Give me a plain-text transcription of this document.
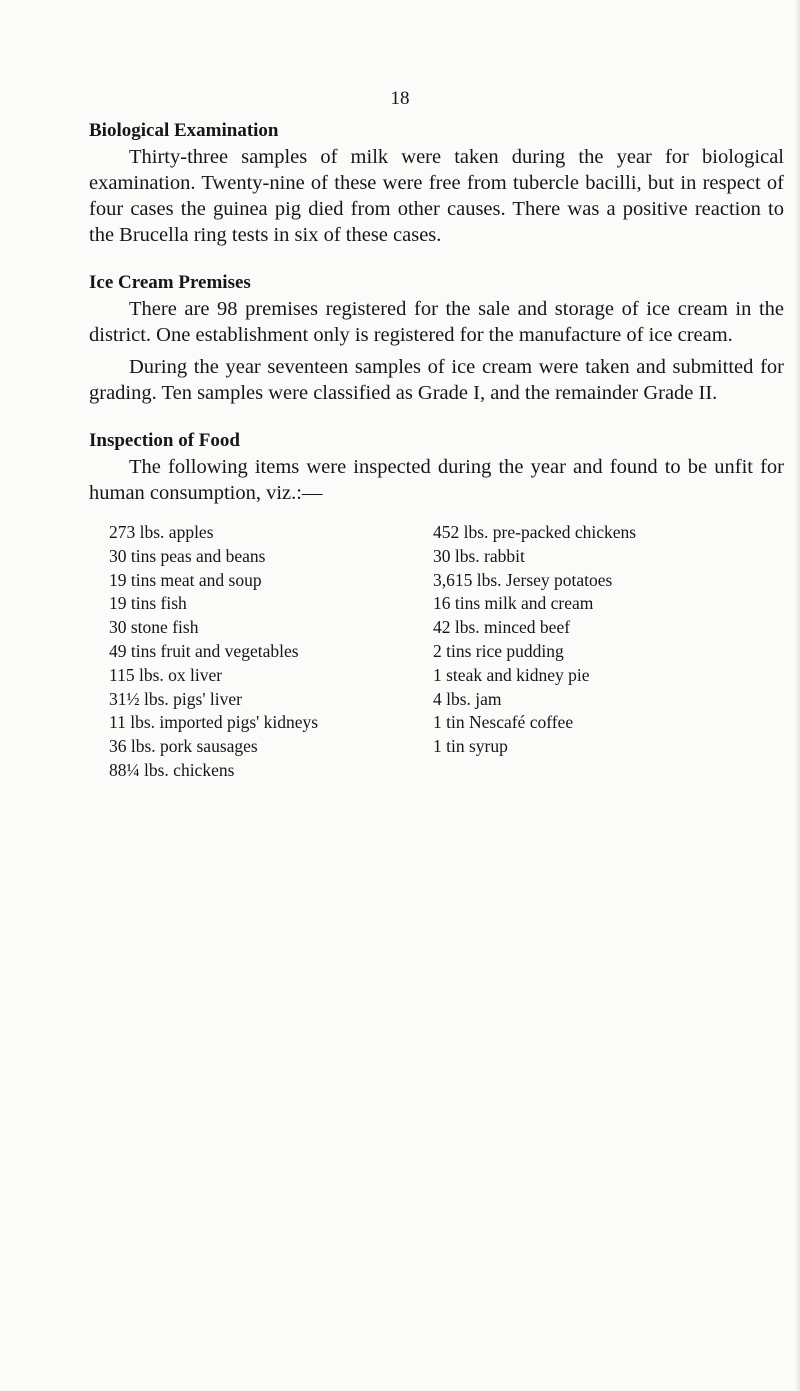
18
Biological Examination

Thirty-three samples of milk were taken during the year for biological examination. Twenty-nine of these were free from tubercle bacilli, but in respect of four cases the guinea pig died from other causes. There was a positive reaction to the Brucella ring tests in six of these cases.

Ice Cream Premises

There are 98 premises registered for the sale and storage of ice cream in the district. One establishment only is registered for the manufacture of ice cream.

During the year seventeen samples of ice cream were taken and submitted for grading. Ten samples were classified as Grade I, and the remainder Grade II.

Inspection of Food

The following items were inspected during the year and found to be unfit for human consumption, viz.:—

273 lbs. apples
30 tins peas and beans
19 tins meat and soup
19 tins fish
30 stone fish
49 tins fruit and vegetables
115 lbs. ox liver
31½ lbs. pigs' liver
11 lbs. imported pigs' kidneys
36 lbs. pork sausages
88¼ lbs. chickens
452 lbs. pre-packed chickens
30 lbs. rabbit
3,615 lbs. Jersey potatoes
16 tins milk and cream
42 lbs. minced beef
2 tins rice pudding
1 steak and kidney pie
4 lbs. jam
1 tin Nescafé coffee
1 tin syrup
